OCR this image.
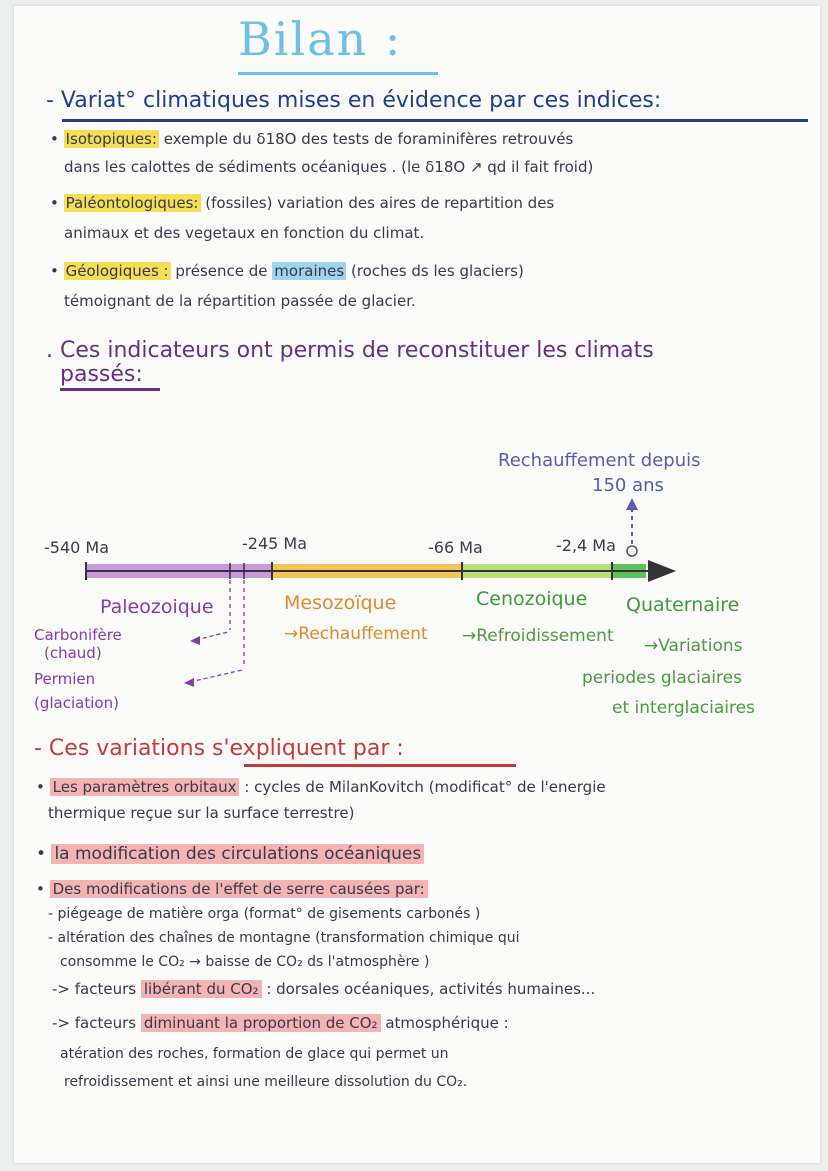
Bilan :
- Variat° climatiques mises en évidence par ces indices:
• Isotopiques: exemple du δ18O des tests de foraminifères retrouvés
dans les calottes de sédiments océaniques . (le δ18O ↗ qd il fait froid)
• Paléontologiques: (fossiles) variation des aires de repartition des
animaux et des vegetaux en fonction du climat.
• Géologiques : présence de moraines (roches ds les glaciers)
témoignant de la répartition passée de glacier.
. Ces indicateurs ont permis de reconstituer les climats
passés:
Rechauffement depuis
150 ans
-540 Ma	-245 Ma	-66 Ma	-2,4 Ma
Paleozoique	Mesozoïque	Cenozoique Quaternaire
→Rechauffement →Refroidissement →Variations
periodes glaciaires
et interglaciaires
Carbonifère
(chaud)
Permien
(glaciation)
- Ces variations s'expliquent par :
• Les paramètres orbitaux : cycles de MilanKovitch (modificat° de l'energie
thermique reçue sur la surface terrestre)
• la modification des circulations océaniques
• Des modifications de l'effet de serre causées par:
- piégeage de matière orga (format° de gisements carbonés )
- altération des chaînes de montagne (transformation chimique qui
consomme le CO₂ → baisse de CO₂ ds l'atmosphère )
-> facteurs libérant du CO₂ : dorsales océaniques, activités humaines...
-> facteurs diminuant la proportion de CO₂ atmosphérique :
atération des roches, formation de glace qui permet un
refroidissement et ainsi une meilleure dissolution du CO₂.
